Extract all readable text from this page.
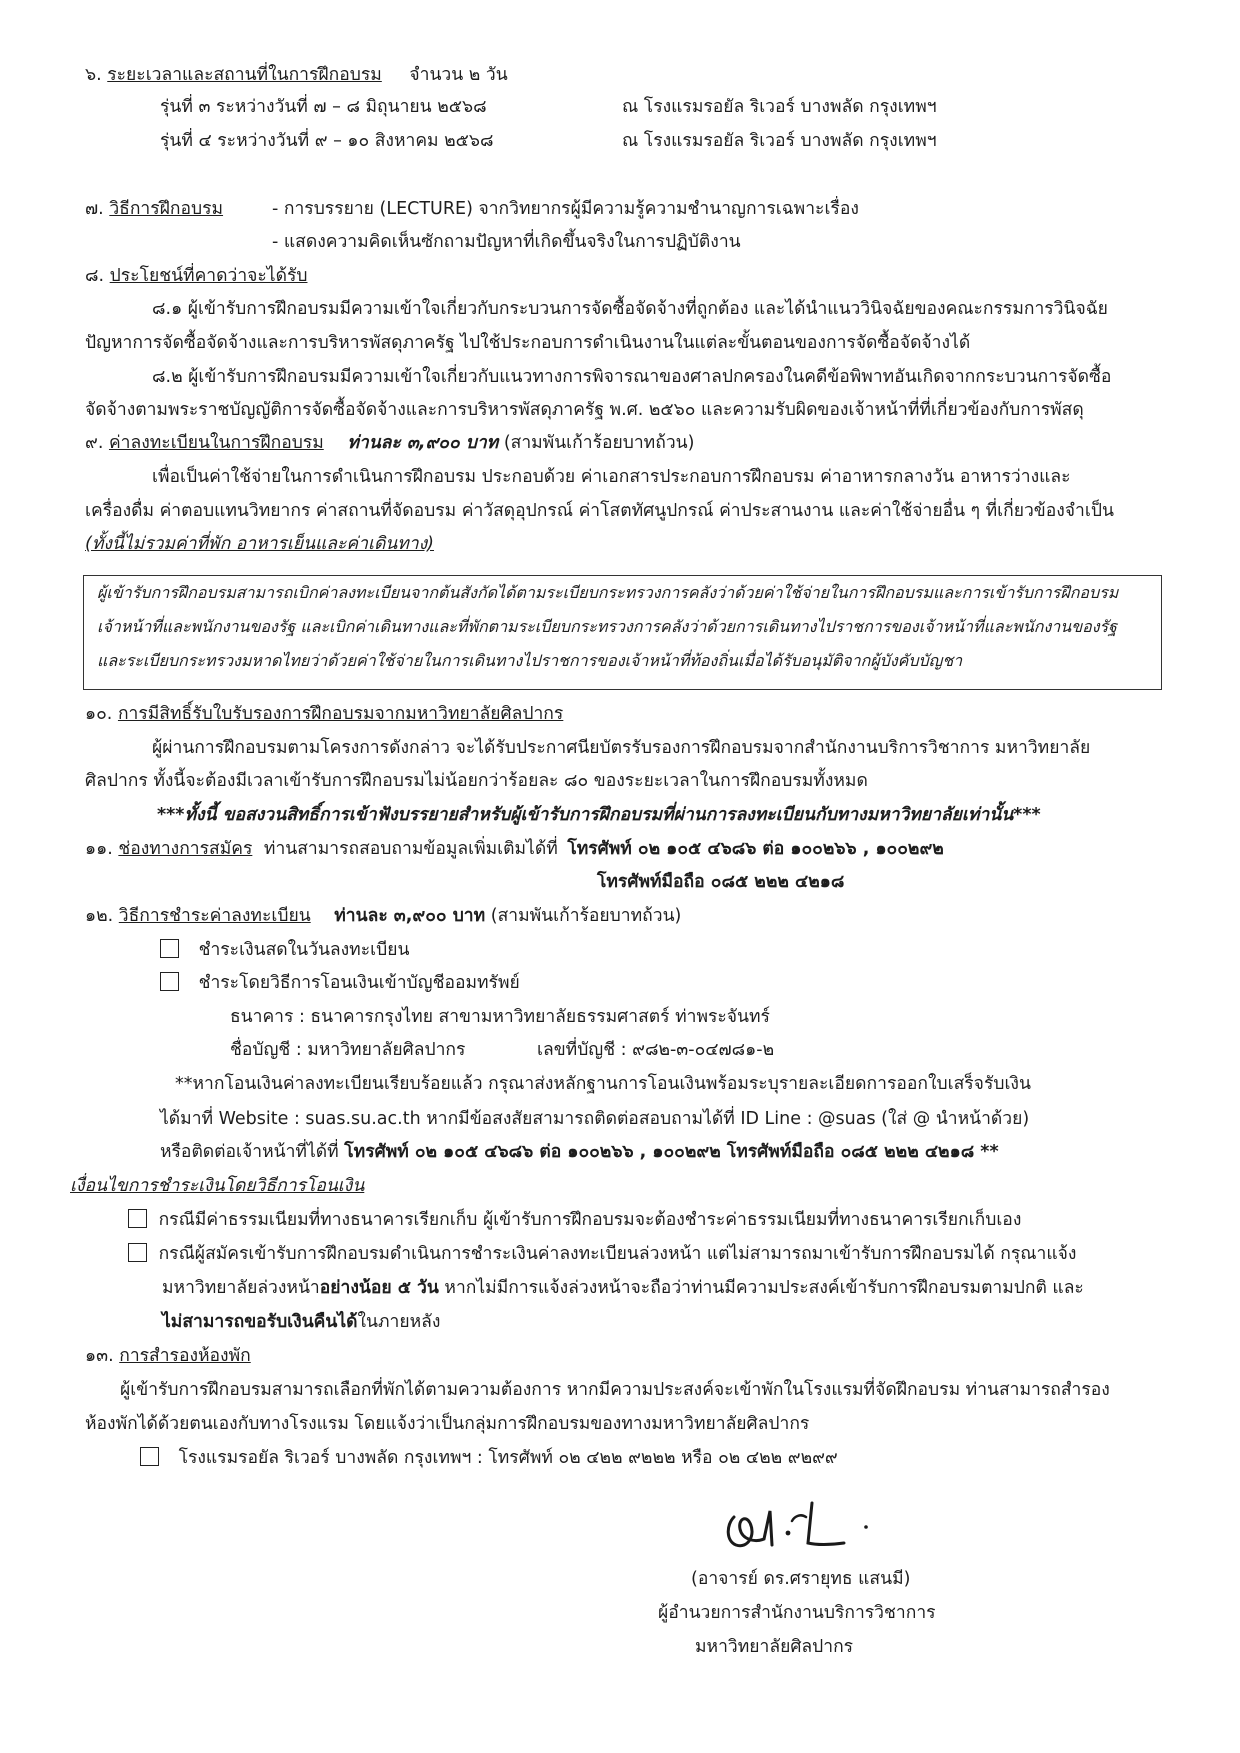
๖. ระยะเวลาและสถานที่ในการฝึกอบรม จำนวน ๒ วัน
รุ่นที่ ๓ ระหว่างวันที่ ๗ – ๘ มิถุนายน ๒๕๖๘	ณ โรงแรมรอยัล ริเวอร์ บางพลัด กรุงเทพฯ
รุ่นที่ ๔ ระหว่างวันที่ ๙ – ๑๐ สิงหาคม ๒๕๖๘	ณ โรงแรมรอยัล ริเวอร์ บางพลัด กรุงเทพฯ
๗. วิธีการฝึกอบรม	- การบรรยาย (LECTURE) จากวิทยากรผู้มีความรู้ความชำนาญการเฉพาะเรื่อง
- แสดงความคิดเห็นซักถามปัญหาที่เกิดขึ้นจริงในการปฏิบัติงาน
๘. ประโยชน์ที่คาดว่าจะได้รับ
๘.๑ ผู้เข้ารับการฝึกอบรมมีความเข้าใจเกี่ยวกับกระบวนการจัดซื้อจัดจ้างที่ถูกต้อง และได้นำแนววินิจฉัยของคณะกรรมการวินิจฉัย
ปัญหาการจัดซื้อจัดจ้างและการบริหารพัสดุภาครัฐ ไปใช้ประกอบการดำเนินงานในแต่ละขั้นตอนของการจัดซื้อจัดจ้างได้
๘.๒ ผู้เข้ารับการฝึกอบรมมีความเข้าใจเกี่ยวกับแนวทางการพิจารณาของศาลปกครองในคดีข้อพิพาทอันเกิดจากกระบวนการจัดซื้อ
จัดจ้างตามพระราชบัญญัติการจัดซื้อจัดจ้างและการบริหารพัสดุภาครัฐ พ.ศ. ๒๕๖๐ และความรับผิดของเจ้าหน้าที่ที่เกี่ยวข้องกับการพัสดุ
๙. ค่าลงทะเบียนในการฝึกอบรม ท่านละ ๓,๙๐๐ บาท (สามพันเก้าร้อยบาทถ้วน)
เพื่อเป็นค่าใช้จ่ายในการดำเนินการฝึกอบรม ประกอบด้วย ค่าเอกสารประกอบการฝึกอบรม ค่าอาหารกลางวัน อาหารว่างและ
เครื่องดื่ม ค่าตอบแทนวิทยากร ค่าสถานที่จัดอบรม ค่าวัสดุอุปกรณ์ ค่าโสตทัศนูปกรณ์ ค่าประสานงาน และค่าใช้จ่ายอื่น ๆ ที่เกี่ยวข้องจำเป็น
(ทั้งนี้ไม่รวมค่าที่พัก อาหารเย็นและค่าเดินทาง)
ผู้เข้ารับการฝึกอบรมสามารถเบิกค่าลงทะเบียนจากต้นสังกัดได้ตามระเบียบกระทรวงการคลังว่าด้วยค่าใช้จ่ายในการฝึกอบรมและการเข้ารับการฝึกอบรม
เจ้าหน้าที่และพนักงานของรัฐ และเบิกค่าเดินทางและที่พักตามระเบียบกระทรวงการคลังว่าด้วยการเดินทางไปราชการของเจ้าหน้าที่และพนักงานของรัฐ
และระเบียบกระทรวงมหาดไทยว่าด้วยค่าใช้จ่ายในการเดินทางไปราชการของเจ้าหน้าที่ท้องถิ่นเมื่อได้รับอนุมัติจากผู้บังคับบัญชา
๑๐. การมีสิทธิ์รับใบรับรองการฝึกอบรมจากมหาวิทยาลัยศิลปากร
ผู้ผ่านการฝึกอบรมตามโครงการดังกล่าว จะได้รับประกาศนียบัตรรับรองการฝึกอบรมจากสำนักงานบริการวิชาการ มหาวิทยาลัย
ศิลปากร ทั้งนี้จะต้องมีเวลาเข้ารับการฝึกอบรมไม่น้อยกว่าร้อยละ ๘๐ ของระยะเวลาในการฝึกอบรมทั้งหมด
***ทั้งนี้ ขอสงวนสิทธิ์การเข้าฟังบรรยายสำหรับผู้เข้ารับการฝึกอบรมที่ผ่านการลงทะเบียนกับทางมหาวิทยาลัยเท่านั้น***
๑๑. ช่องทางการสมัคร ท่านสามารถสอบถามข้อมูลเพิ่มเติมได้ที่ โทรศัพท์ ๐๒ ๑๐๕ ๔๖๘๖ ต่อ ๑๐๐๒๖๖ , ๑๐๐๒๙๒
โทรศัพท์มือถือ ๐๘๕ ๒๒๒ ๔๒๑๘
๑๒. วิธีการชำระค่าลงทะเบียน ท่านละ ๓,๙๐๐ บาท (สามพันเก้าร้อยบาทถ้วน)
ชำระเงินสดในวันลงทะเบียน
ชำระโดยวิธีการโอนเงินเข้าบัญชีออมทรัพย์
ธนาคาร : ธนาคารกรุงไทย สาขามหาวิทยาลัยธรรมศาสตร์ ท่าพระจันทร์
ชื่อบัญชี : มหาวิทยาลัยศิลปากร	เลขที่บัญชี : ๙๘๒-๓-๐๔๗๘๑-๒
**หากโอนเงินค่าลงทะเบียนเรียบร้อยแล้ว กรุณาส่งหลักฐานการโอนเงินพร้อมระบุรายละเอียดการออกใบเสร็จรับเงิน
ได้มาที่ Website : suas.su.ac.th หากมีข้อสงสัยสามารถติดต่อสอบถามได้ที่ ID Line : @suas (ใส่ @ นำหน้าด้วย)
หรือติดต่อเจ้าหน้าที่ได้ที่ โทรศัพท์ ๐๒ ๑๐๕ ๔๖๘๖ ต่อ ๑๐๐๒๖๖ , ๑๐๐๒๙๒ โทรศัพท์มือถือ ๐๘๕ ๒๒๒ ๔๒๑๘ **
เงื่อนไขการชำระเงินโดยวิธีการโอนเงิน
กรณีมีค่าธรรมเนียมที่ทางธนาคารเรียกเก็บ ผู้เข้ารับการฝึกอบรมจะต้องชำระค่าธรรมเนียมที่ทางธนาคารเรียกเก็บเอง
กรณีผู้สมัครเข้ารับการฝึกอบรมดำเนินการชำระเงินค่าลงทะเบียนล่วงหน้า แต่ไม่สามารถมาเข้ารับการฝึกอบรมได้ กรุณาแจ้ง
มหาวิทยาลัยล่วงหน้าอย่างน้อย ๕ วัน หากไม่มีการแจ้งล่วงหน้าจะถือว่าท่านมีความประสงค์เข้ารับการฝึกอบรมตามปกติ และ
ไม่สามารถขอรับเงินคืนได้ในภายหลัง
๑๓. การสำรองห้องพัก
ผู้เข้ารับการฝึกอบรมสามารถเลือกที่พักได้ตามความต้องการ หากมีความประสงค์จะเข้าพักในโรงแรมที่จัดฝึกอบรม ท่านสามารถสำรอง
ห้องพักได้ด้วยตนเองกับทางโรงแรม โดยแจ้งว่าเป็นกลุ่มการฝึกอบรมของทางมหาวิทยาลัยศิลปากร
โรงแรมรอยัล ริเวอร์ บางพลัด กรุงเทพฯ : โทรศัพท์ ๐๒ ๔๒๒ ๙๒๒๒ หรือ ๐๒ ๔๒๒ ๙๒๙๙
(อาจารย์ ดร.ศรายุทธ แสนมี)
ผู้อำนวยการสำนักงานบริการวิชาการ
มหาวิทยาลัยศิลปากร
